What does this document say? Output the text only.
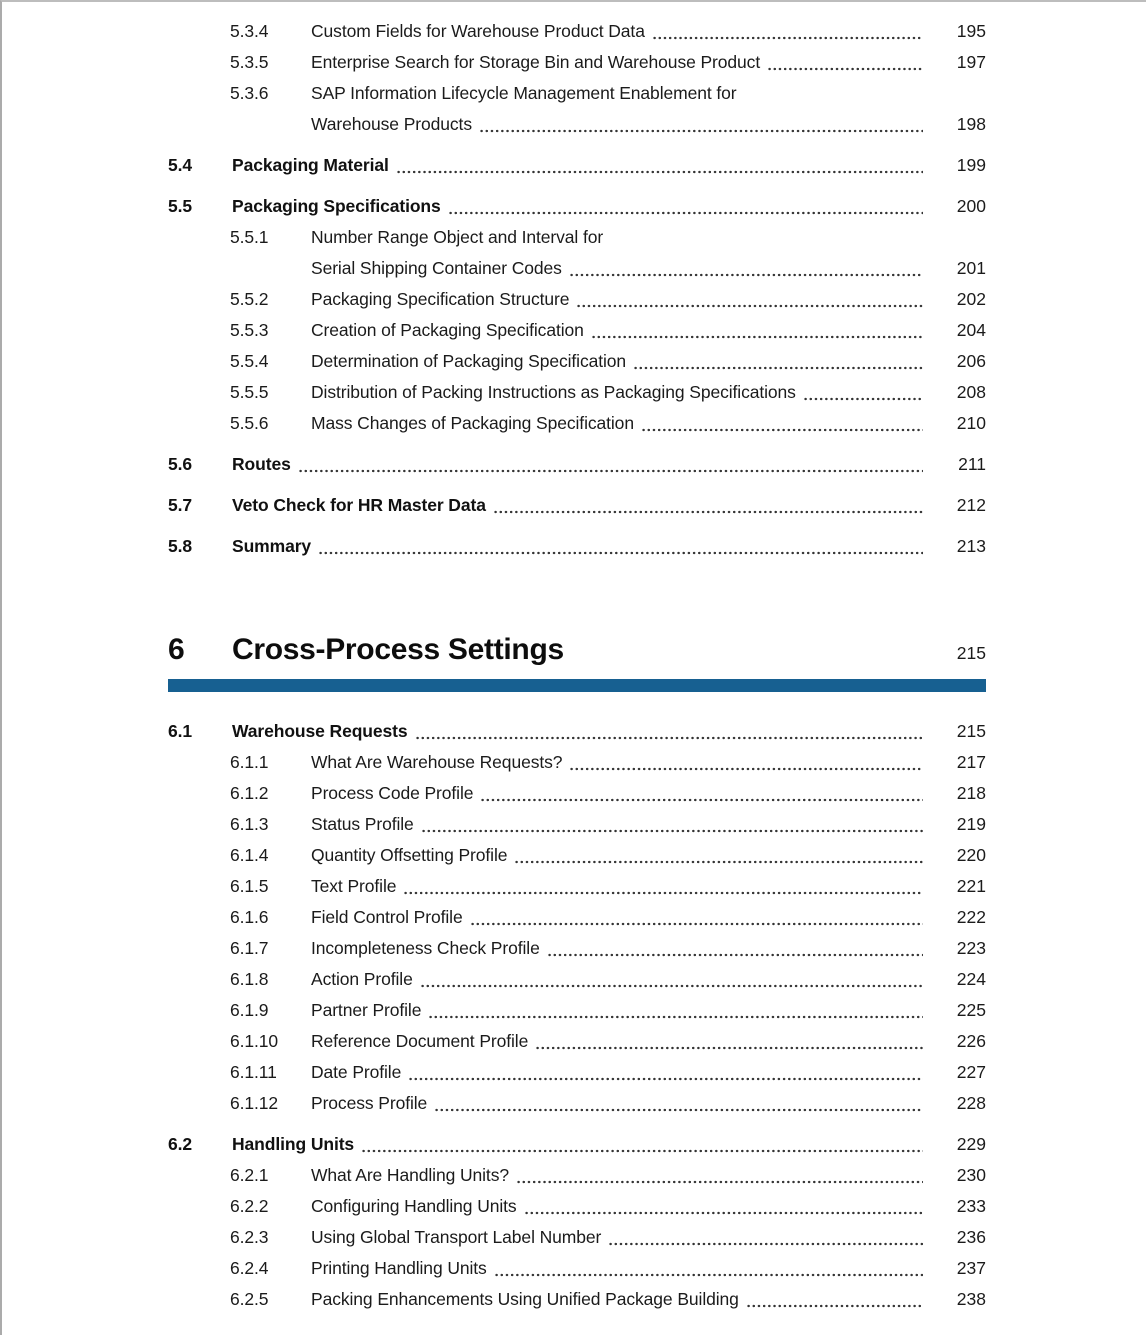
5.3.4	Custom Fields for Warehouse Product Data	195
5.3.5	Enterprise Search for Storage Bin and Warehouse Product	197
5.3.6	SAP Information Lifecycle Management Enablement for
Warehouse Products	198
5.4	Packaging Material	199
5.5	Packaging Specifications	200
5.5.1	Number Range Object and Interval for
Serial Shipping Container Codes	201
5.5.2	Packaging Specification Structure	202
5.5.3	Creation of Packaging Specification	204
5.5.4	Determination of Packaging Specification	206
5.5.5	Distribution of Packing Instructions as Packaging Specifications	208
5.5.6	Mass Changes of Packaging Specification	210
5.6	Routes	211
5.7	Veto Check for HR Master Data	212
5.8	Summary	213
6	Cross-Process Settings	215
6.1	Warehouse Requests	215
6.1.1	What Are Warehouse Requests?	217
6.1.2	Process Code Profile	218
6.1.3	Status Profile	219
6.1.4	Quantity Offsetting Profile	220
6.1.5	Text Profile	221
6.1.6	Field Control Profile	222
6.1.7	Incompleteness Check Profile	223
6.1.8	Action Profile	224
6.1.9	Partner Profile	225
6.1.10	Reference Document Profile	226
6.1.11	Date Profile	227
6.1.12	Process Profile	228
6.2	Handling Units	229
6.2.1	What Are Handling Units?	230
6.2.2	Configuring Handling Units	233
6.2.3	Using Global Transport Label Number	236
6.2.4	Printing Handling Units	237
6.2.5	Packing Enhancements Using Unified Package Building	238
